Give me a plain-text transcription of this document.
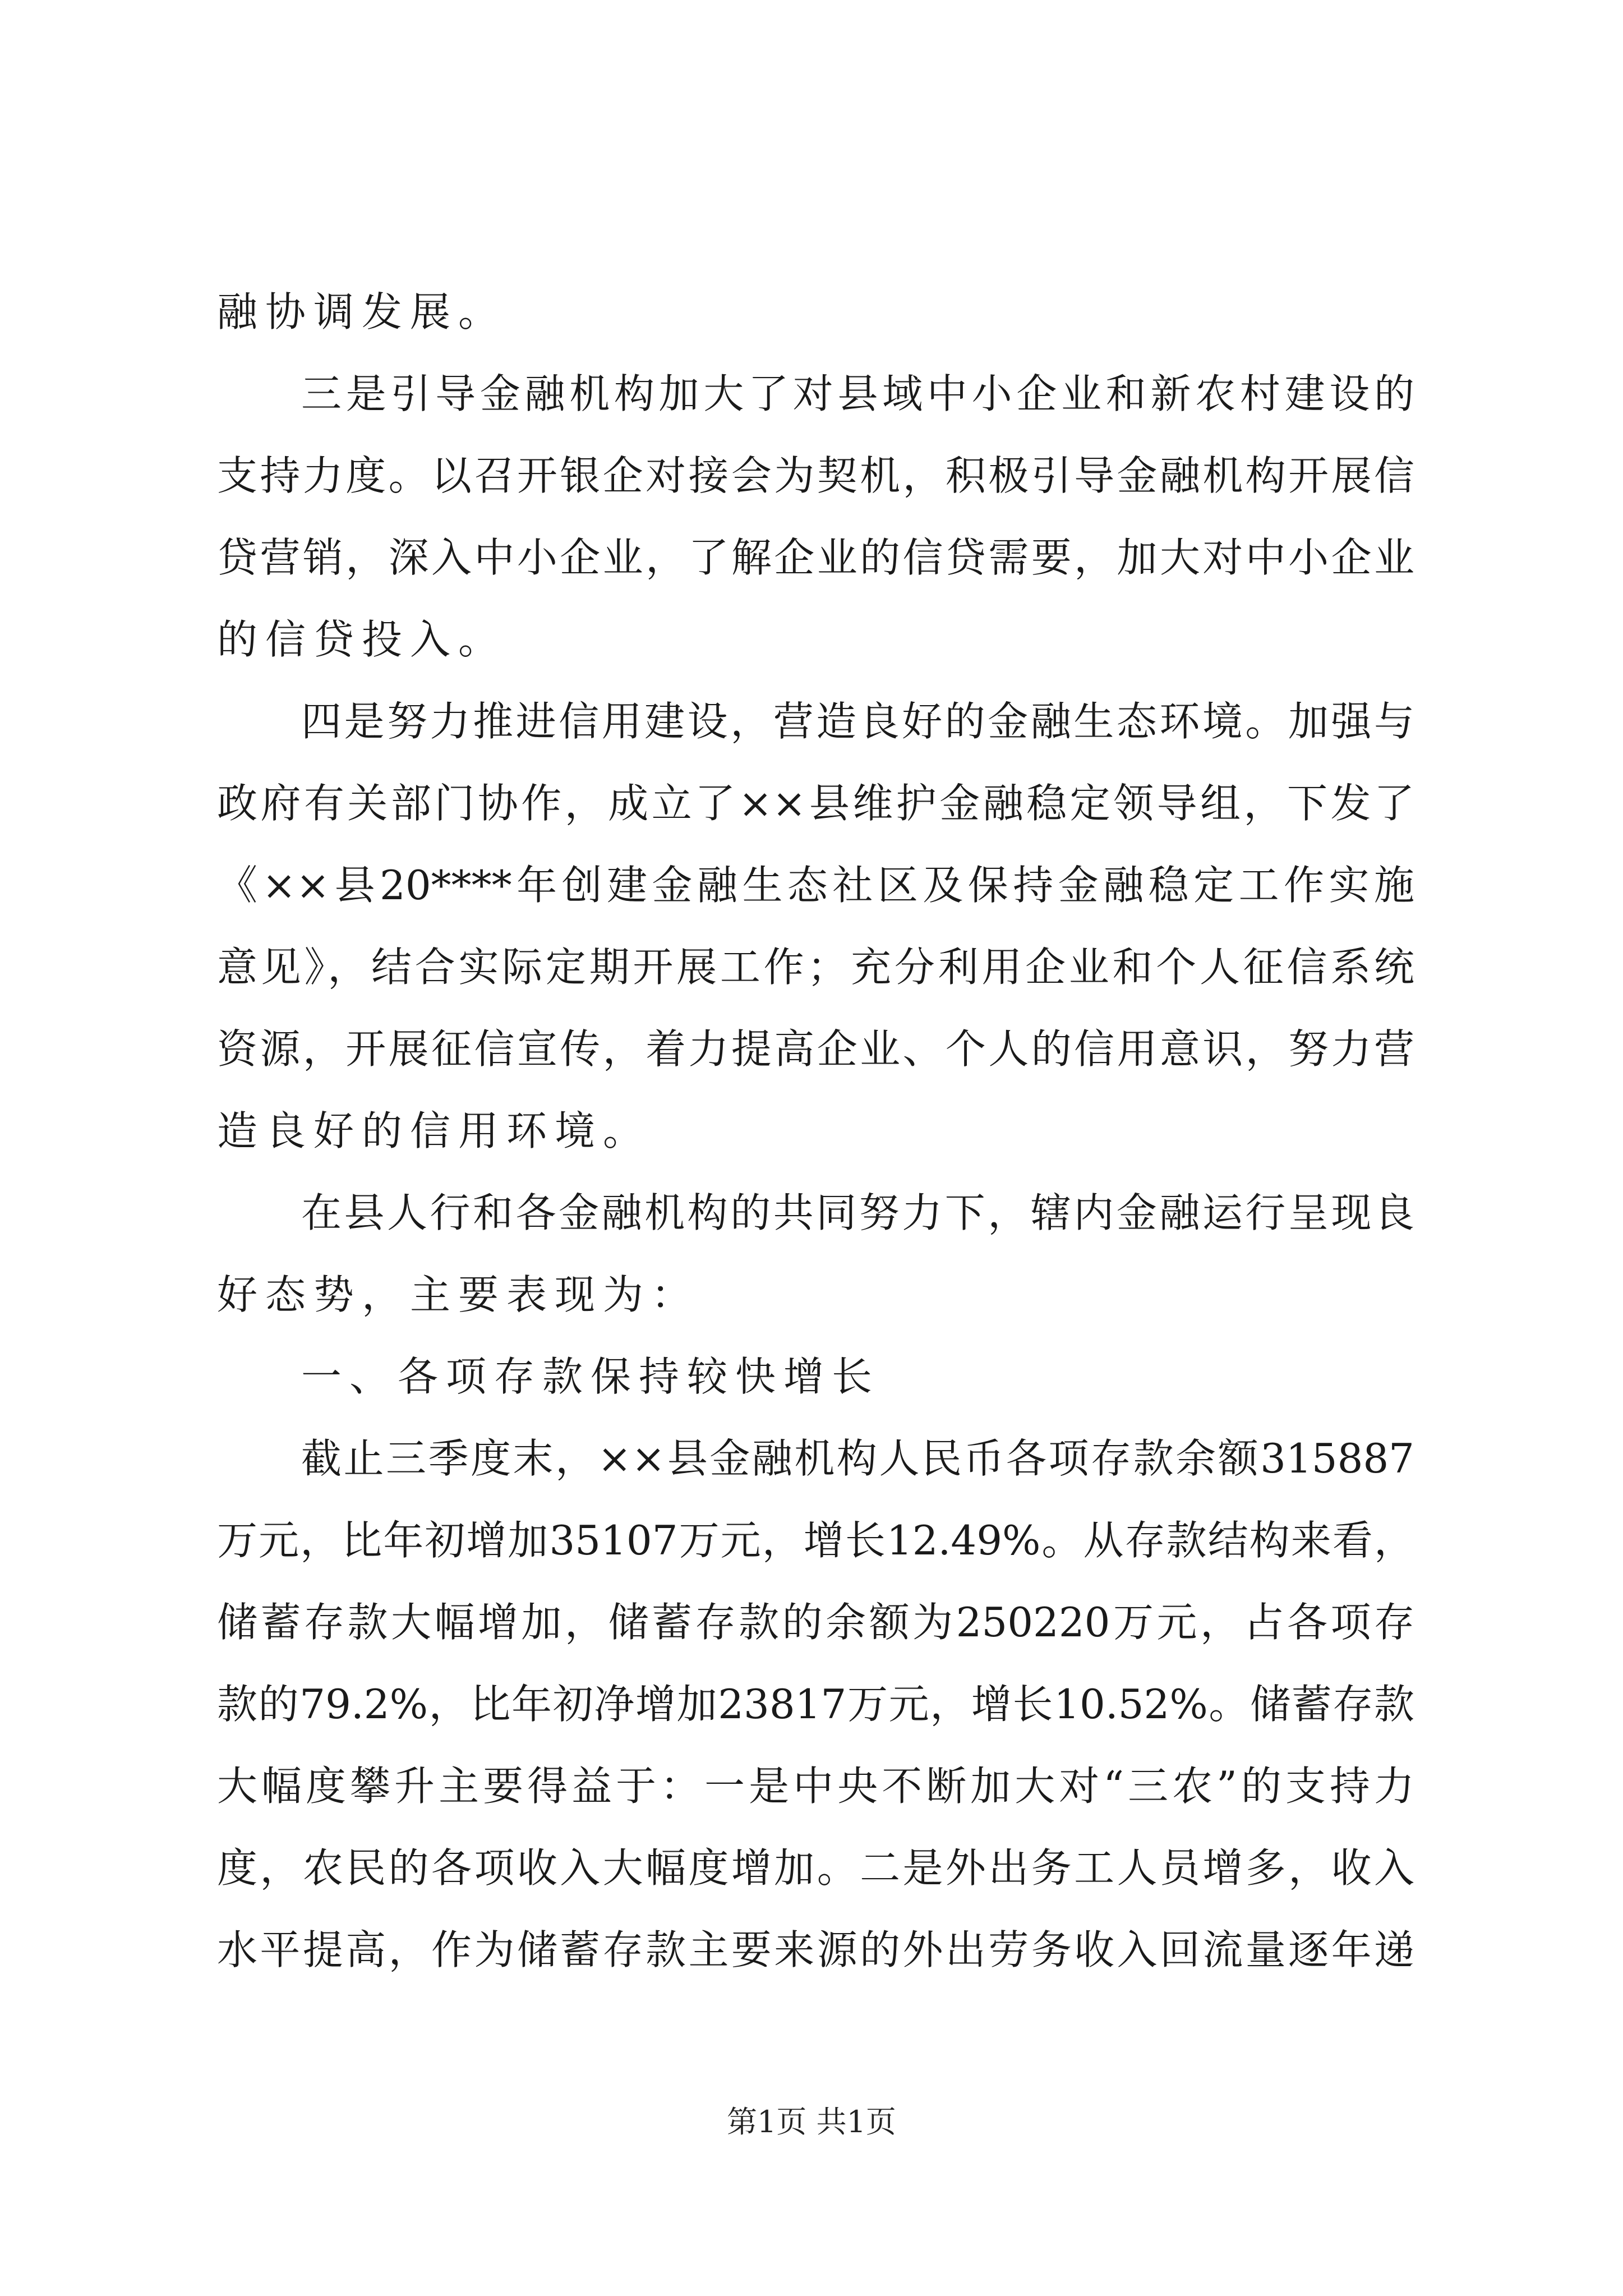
融协调发展。
三是引导金融机构加大了对县域中小企业和新农村建设的
支持力度。以召开银企对接会为契机，积极引导金融机构开展信
贷营销，深入中小企业，了解企业的信贷需要，加大对中小企业
的信贷投入。
四是努力推进信用建设，营造良好的金融生态环境。加强与
政府有关部门协作，成立了××县维护金融稳定领导组，下发了
《××县20****年创建金融生态社区及保持金融稳定工作实施
意见》，结合实际定期开展工作；充分利用企业和个人征信系统
资源，开展征信宣传，着力提高企业、个人的信用意识，努力营
造良好的信用环境。
在县人行和各金融机构的共同努力下，辖内金融运行呈现良
好态势，主要表现为：
一、各项存款保持较快增长
截止三季度末，××县金融机构人民币各项存款余额315887
万元，比年初增加35107万元，增长12.49%。从存款结构来看，
储蓄存款大幅增加，储蓄存款的余额为250220万元，占各项存
款的79.2%，比年初净增加23817万元，增长10.52%。储蓄存款
大幅度攀升主要得益于：一是中央不断加大对“三农”的支持力
度，农民的各项收入大幅度增加。二是外出务工人员增多，收入
水平提高，作为储蓄存款主要来源的外出劳务收入回流量逐年递
第1页 共1页
